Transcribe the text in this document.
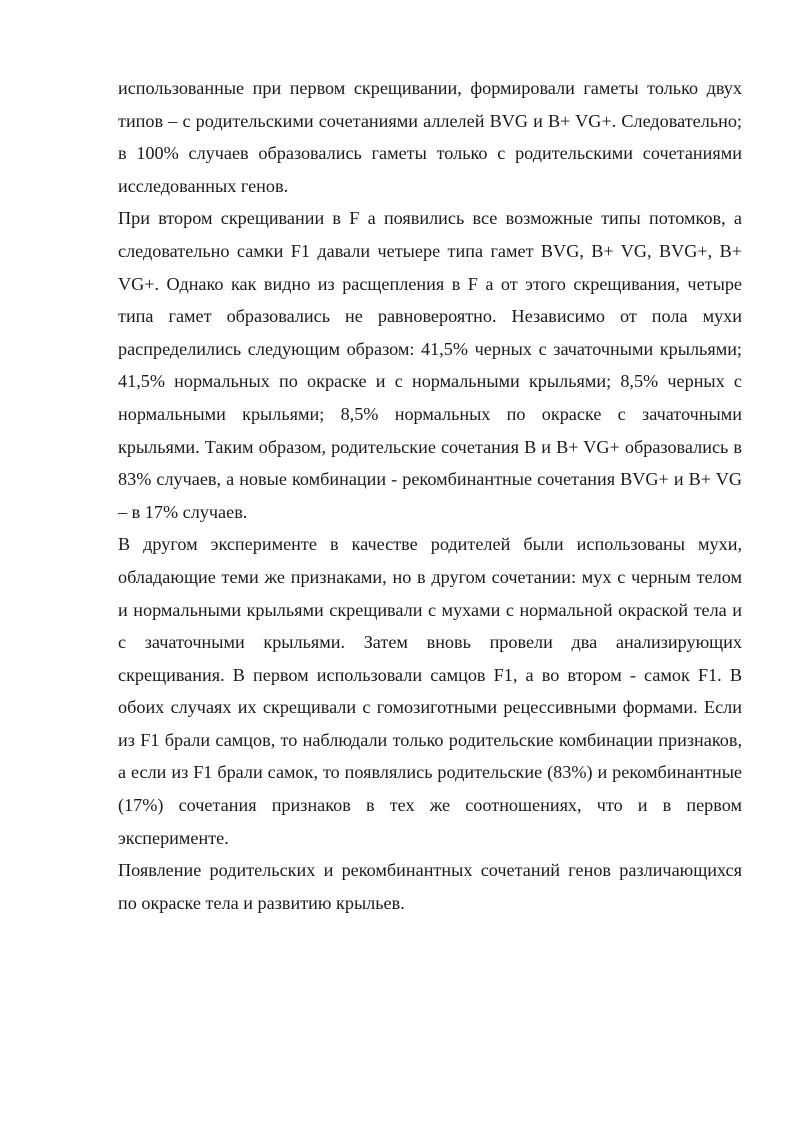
использованные при первом скрещивании, формировали гаметы только двух типов – с родительскими сочетаниями аллелей BVG и B+ VG+. Следовательно; в 100% случаев образовались гаметы только с родительскими сочетаниями исследованных генов.

При втором скрещивании в F a появились все возможные типы потомков, а следовательно самки F1 давали четыере типа гамет BVG, B+ VG, BVG+, B+ VG+. Однако как видно из расщепления в F a от этого скрещивания, четыре типа гамет образовались не равновероятно. Независимо от пола мухи распределились следующим образом: 41,5% черных с зачаточными крыльями; 41,5% нормальных по окраске и с нормальными крыльями; 8,5% черных с нормальными крыльями; 8,5% нормальных по окраске с зачаточными крыльями. Таким образом, родительские сочетания B и B+ VG+ образовались в 83% случаев, а новые комбинации - рекомбинантные сочетания BVG+ и B+ VG – в 17% случаев.

В другом эксперименте в качестве родителей были использованы мухи, обладающие теми же признаками, но в другом сочетании: мух с черным телом и нормальными крыльями скрещивали с мухами с нормальной окраской тела и с зачаточными крыльями. Затем вновь провели два анализирующих скрещивания. В первом использовали самцов F1, а во втором - самок F1. В обоих случаях их скрещивали с гомозиготными рецессивными формами. Если из F1 брали самцов, то наблюдали только родительские комбинации признаков, а если из F1 брали самок, то появлялись родительские (83%) и рекомбинантные (17%) сочетания признаков в тех же соотношениях, что и в первом эксперименте.

Появление родительских и рекомбинантных сочетаний генов различающихся по окраске тела и развитию крыльев.
